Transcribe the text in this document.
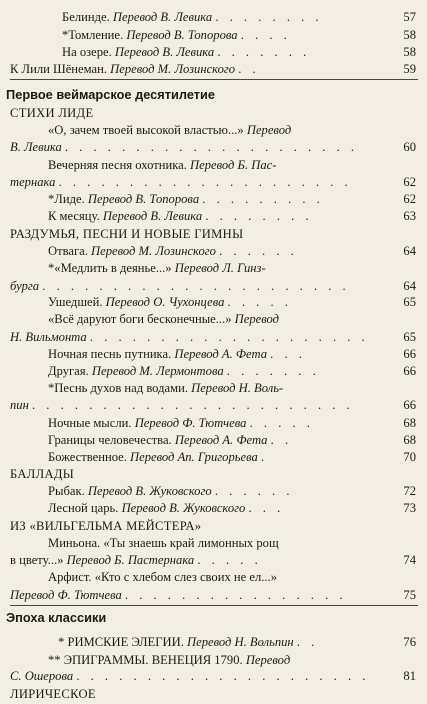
Белинде. Перевод В. Левика . . . . . . . .	57
*Томление. Перевод В. Топорова . . . .	58
На озере. Перевод В. Левика . . . . . . .	58
К Лили Шёнеман. Перевод М. Лозинского . .	59
Первое веймарское десятилетие
СТИХИ ЛИДЕ
«О, зачем твоей высокой властью...» Перевод
В. Левика . . . . . . . . . . . . . . . . . . . . .	60
Вечерняя песня охотника. Перевод Б. Пас-
тернака . . . . . . . . . . . . . . . . . . . . .	62
*Лиде. Перевод В. Топорова . . . . . . . . .	62
К месяцу. Перевод В. Левика . . . . . . . .	63
РАЗДУМЬЯ, ПЕСНИ И НОВЫЕ ГИМНЫ
Отвага. Перевод М. Лозинского . . . . . .	64
*«Медлить в деянье...» Перевод Л. Гинз-
бурга . . . . . . . . . . . . . . . . . . . . . .	64
Ушедшей. Перевод О. Чухонцева . . . . .	65
«Всё даруют боги бесконечные...» Перевод
Н. Вильмонта . . . . . . . . . . . . . . . . . . . .	65
Ночная песнь путника. Перевод А. Фета . . .	66
Другая. Перевод М. Лермонтова . . . . . . .	66
*Песнь духов над водами. Перевод Н. Воль-
пин . . . . . . . . . . . . . . . . . . . . . . .	66
Ночные мысли. Перевод Ф. Тютчева . . . . .	68
Границы человечества. Перевод А. Фета . .	68
Божественное. Перевод Ап. Григорьева .	70
БАЛЛАДЫ
Рыбак. Перевод В. Жуковского . . . . . .	72
Лесной царь. Перевод В. Жуковского . . .	73
ИЗ «ВИЛЬГЕЛЬМА МЕЙСТЕРА»
Миньона. «Ты знаешь край лимонных рощ
в цвету...» Перевод Б. Пастернака . . . . .	74
Арфист. «Кто с хлебом слез своих не ел...»
Перевод Ф. Тютчева . . . . . . . . . . . . . . . .	75
Эпоха классики
* РИМСКИЕ ЭЛЕГИИ. Перевод Н. Вольпин . .	76
** ЭПИГРАММЫ. ВЕНЕЦИЯ 1790. Перевод
С. Ошерова . . . . . . . . . . . . . . . . . . . . .	81
ЛИРИЧЕСКОЕ
